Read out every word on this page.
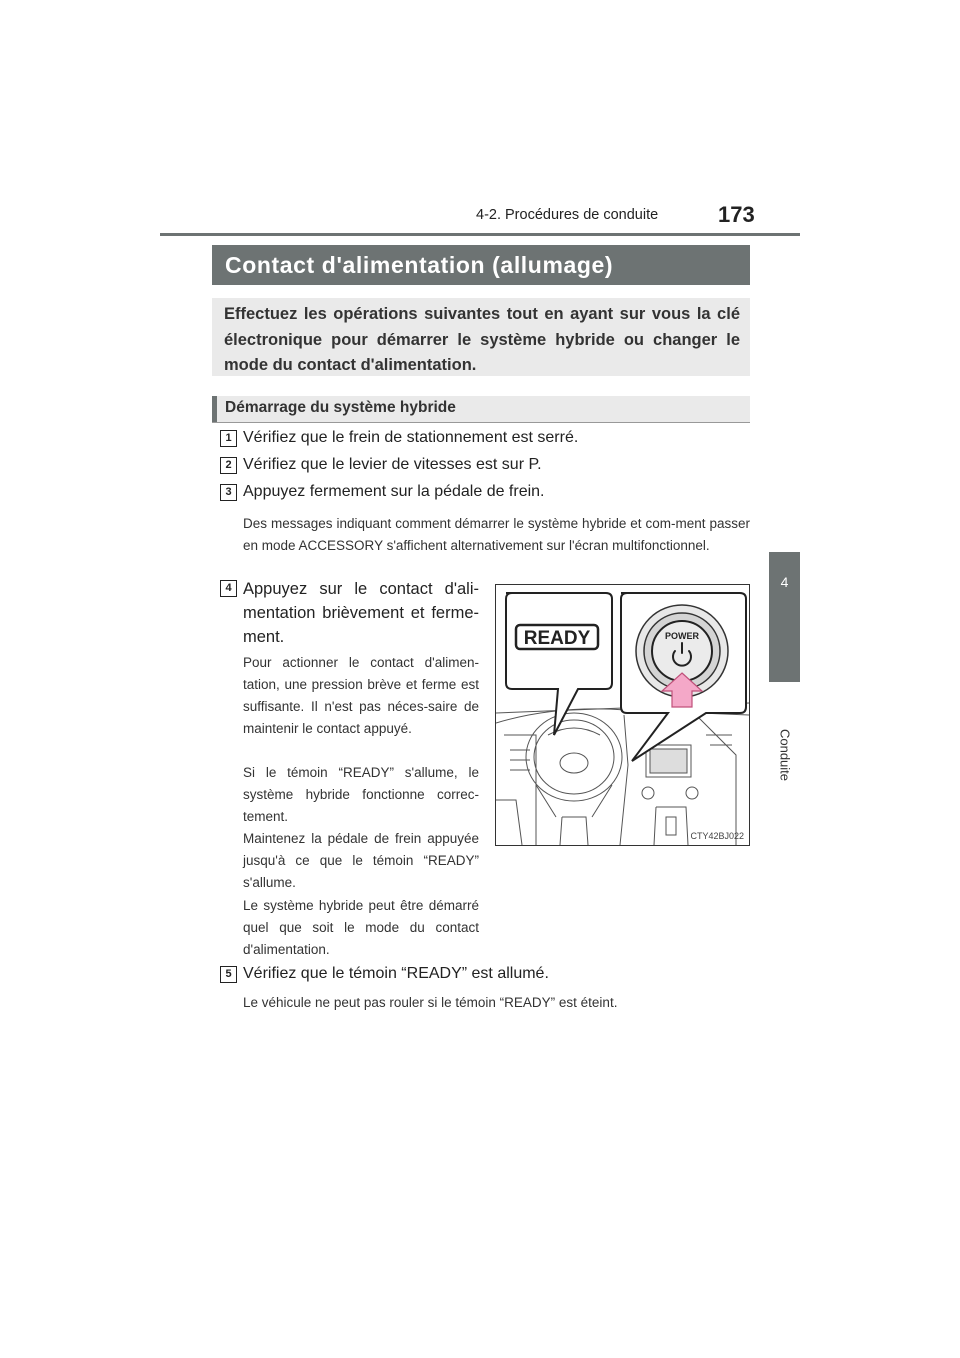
4-2. Procédures de conduite	173
4
Conduite
Contact d'alimentation (allumage)
Effectuez les opérations suivantes tout en ayant sur vous la clé électronique pour démarrer le système hybride ou changer le mode du contact d'alimentation.
Démarrage du système hybride
1 Vérifiez que le frein de stationnement est serré.
2 Vérifiez que le levier de vitesses est sur P.
3 Appuyez fermement sur la pédale de frein.
Des messages indiquant comment démarrer le système hybride et com-ment passer en mode ACCESSORY s'affichent alternativement sur l'écran multifonctionnel.
4 Appuyez sur le contact d'ali-mentation brièvement et ferme-ment.
Pour actionner le contact d'alimen-tation, une pression brève et ferme est suffisante. Il n'est pas néces-saire de maintenir le contact appuyé.
Si le témoin “READY” s'allume, le système hybride fonctionne correc-tement.
Maintenez la pédale de frein appuyée jusqu'à ce que le témoin “READY” s'allume.
Le système hybride peut être démarré quel que soit le mode du contact d'alimentation.
5 Vérifiez que le témoin “READY” est allumé.
Le véhicule ne peut pas rouler si le témoin “READY” est éteint.
READY	POWER
CTY42BJ022
